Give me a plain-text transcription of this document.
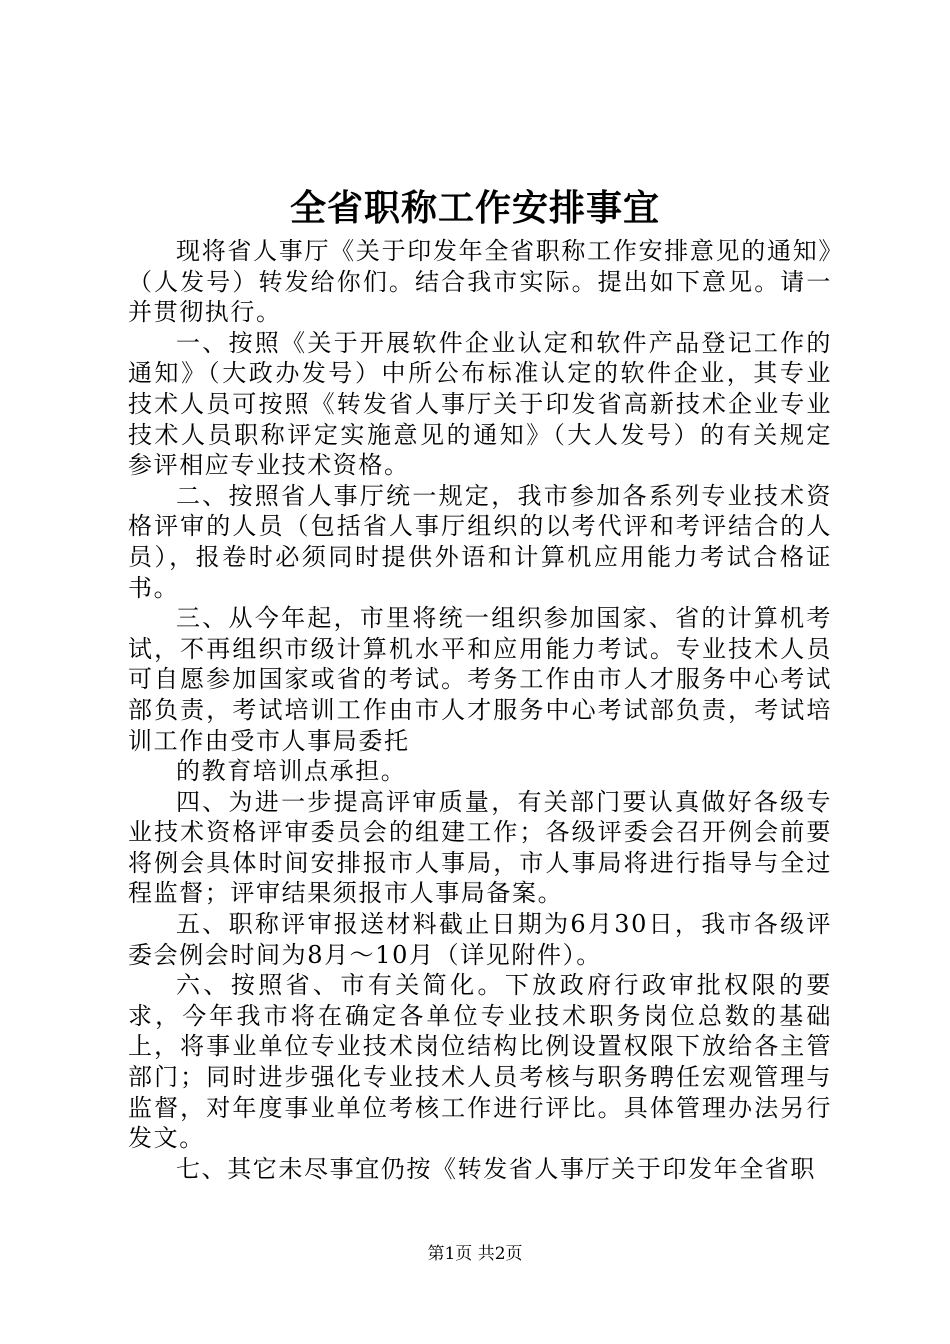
全省职称工作安排事宜

现将省人事厅《关于印发年全省职称工作安排意见的通知》（人发号）转发给你们。结合我市实际。提出如下意见。请一并贯彻执行。

一、按照《关于开展软件企业认定和软件产品登记工作的通知》（大政办发号）中所公布标准认定的软件企业，其专业技术人员可按照《转发省人事厅关于印发省高新技术企业专业技术人员职称评定实施意见的通知》（大人发号）的有关规定参评相应专业技术资格。

二、按照省人事厅统一规定，我市参加各系列专业技术资格评审的人员（包括省人事厅组织的以考代评和考评结合的人员），报卷时必须同时提供外语和计算机应用能力考试合格证书。

三、从今年起，市里将统一组织参加国家、省的计算机考试，不再组织市级计算机水平和应用能力考试。专业技术人员可自愿参加国家或省的考试。考务工作由市人才服务中心考试部负责，考试培训工作由市人才服务中心考试部负责，考试培训工作由受市人事局委托

的教育培训点承担。

四、为进一步提高评审质量，有关部门要认真做好各级专业技术资格评审委员会的组建工作；各级评委会召开例会前要将例会具体时间安排报市人事局，市人事局将进行指导与全过程监督；评审结果须报市人事局备案。

五、职称评审报送材料截止日期为6月30日，我市各级评委会例会时间为8月～10月（详见附件）。

六、按照省、市有关简化。下放政府行政审批权限的要求，今年我市将在确定各单位专业技术职务岗位总数的基础上，将事业单位专业技术岗位结构比例设置权限下放给各主管部门；同时进步强化专业技术人员考核与职务聘任宏观管理与监督，对年度事业单位考核工作进行评比。具体管理办法另行发文。

七、其它未尽事宜仍按《转发省人事厅关于印发年全省职

第1页 共2页
